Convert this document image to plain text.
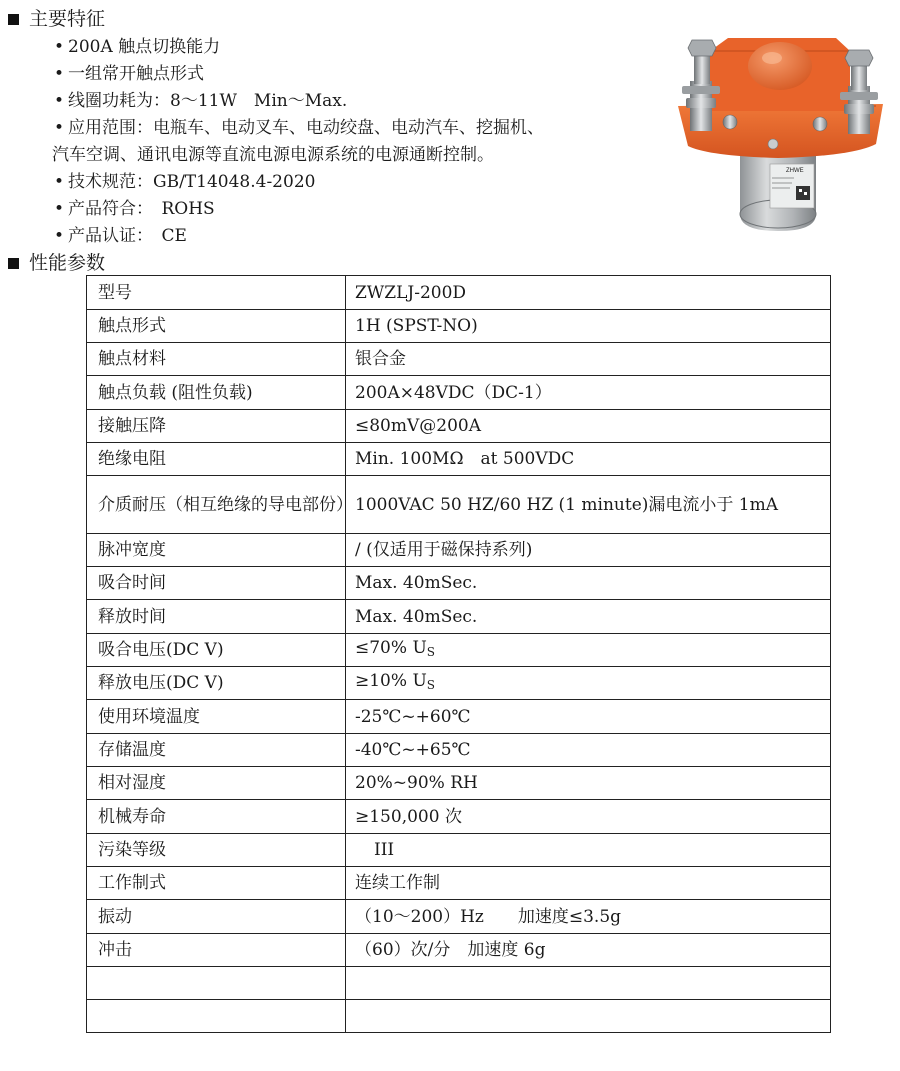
主要特征
• 200A 触点切换能力
• 一组常开触点形式
• 线圈功耗为：8～11W　Min～Max.
• 应用范围：电瓶车、电动叉车、电动绞盘、电动汽车、挖掘机、
汽车空调、通讯电源等直流电源电源系统的电源通断控制。
• 技术规范：GB/T14048.4-2020
• 产品符合：　ROHS
• 产品认证：　CE
ZHWE
性能参数
型号	ZWZLJ-200D
触点形式	1H (SPST-NO)
触点材料	银合金
触点负载 (阻性负载)	200A×48VDC（DC-1）
接触压降	≤80mV@200A
绝缘电阻	Min. 100MΩ　at 500VDC
介质耐压（相互绝缘的导电部份）	1000VAC 50 HZ/60 HZ (1 minute)漏电流小于 1mA
脉冲宽度	/ (仅适用于磁保持系列)
吸合时间	Max. 40mSec.
释放时间	Max. 40mSec.
吸合电压(DC V)	≤70% $U_S$
释放电压(DC V)	≥10% $U_S$
使用环境温度	-25℃~+60℃
存储温度	-40℃~+65℃
相对湿度	20%~90% RH
机械寿命	≥150,000 次
污染等级	III
工作制式	连续工作制
振动	（10～200）Hz　　加速度≤3.5g
冲击	（60）次/分　加速度 6g
